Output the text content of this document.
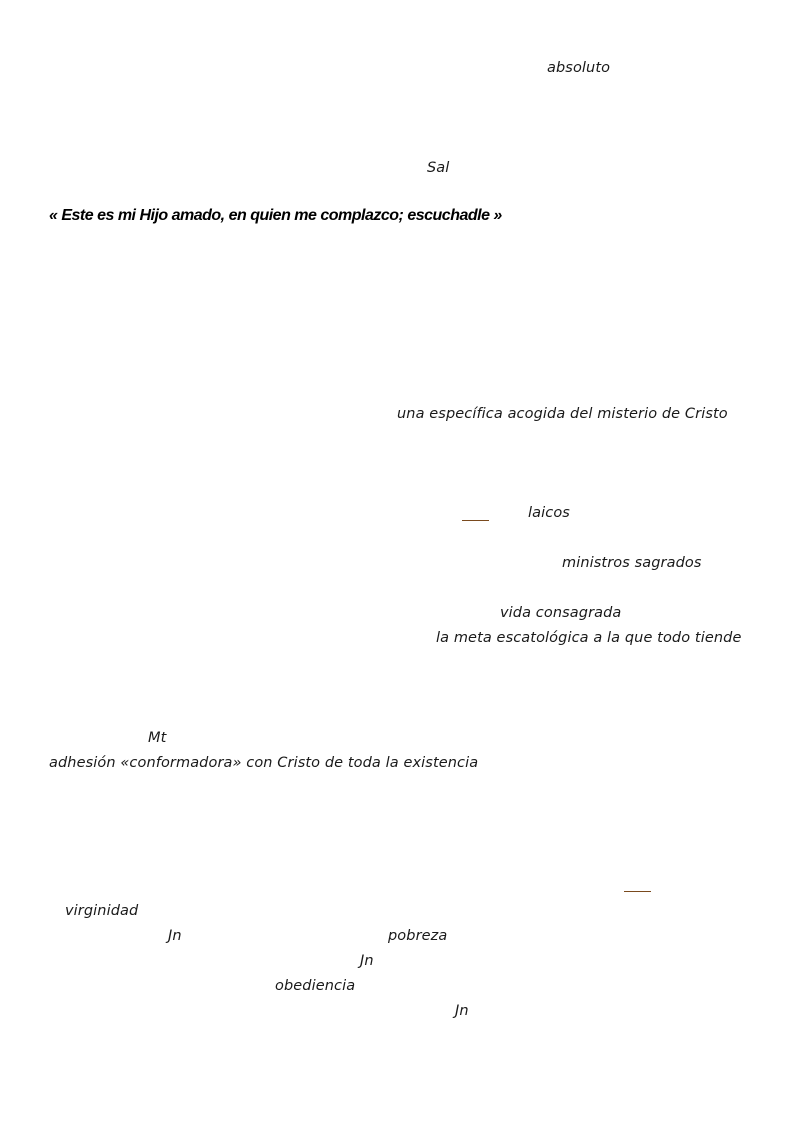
absoluto
Sal
« Este es mi Hijo amado, en quien me complazco; escuchadle »
una específica acogida del misterio de Cristo
laicos
ministros sagrados
vida consagrada
la meta escatológica a la que todo tiende
Mt
adhesión «conformadora» con Cristo de toda la existencia
virginidad
Jn	pobreza
Jn
obediencia
Jn
